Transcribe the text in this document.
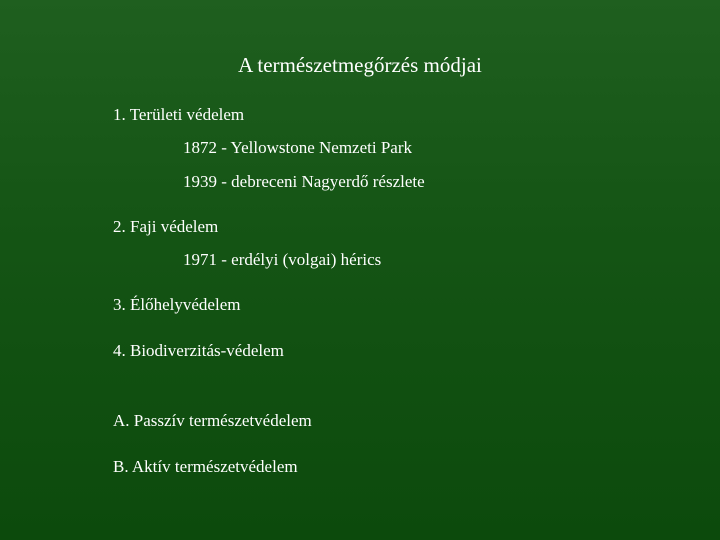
A természetmegőrzés módjai
1. Területi védelem
1872 - Yellowstone Nemzeti Park
1939 - debreceni Nagyerdő részlete
2. Faji védelem
1971 - erdélyi (volgai) hérics
3. Élőhelyvédelem
4. Biodiverzitás-védelem
A. Passzív természetvédelem
B. Aktív természetvédelem
